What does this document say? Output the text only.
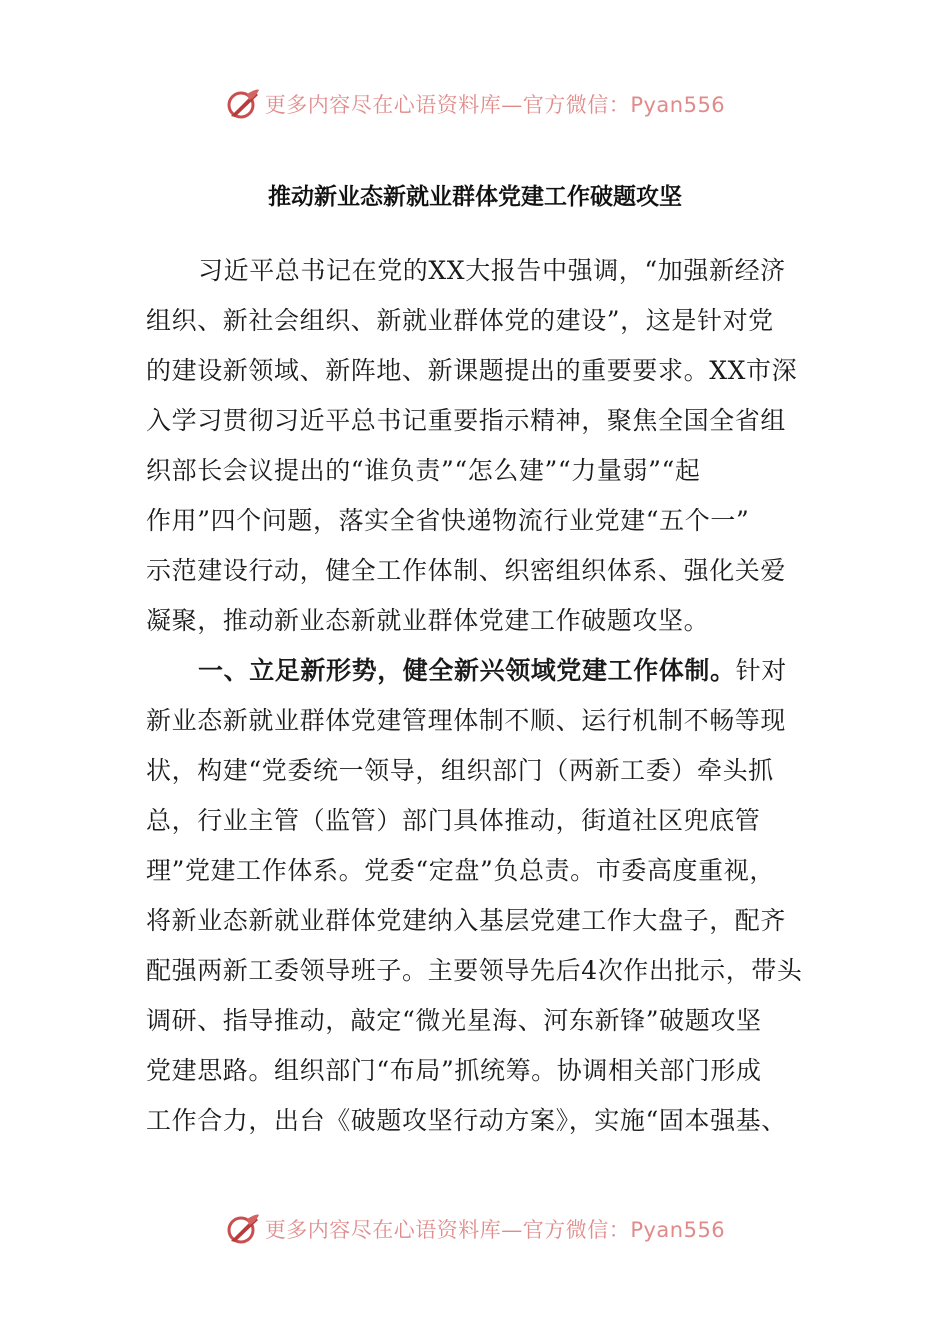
更多内容尽在心语资料库—官方微信：Pyan556
推动新业态新就业群体党建工作破题攻坚
习近平总书记在党的XX大报告中强调，“加强新经济
组织、新社会组织、新就业群体党的建设”，这是针对党
的建设新领域、新阵地、新课题提出的重要要求。XX市深
入学习贯彻习近平总书记重要指示精神，聚焦全国全省组
织部长会议提出的“谁负责”“怎么建”“力量弱”“起
作用”四个问题，落实全省快递物流行业党建“五个一”
示范建设行动，健全工作体制、织密组织体系、强化关爱
凝聚，推动新业态新就业群体党建工作破题攻坚。
一、立足新形势，健全新兴领域党建工作体制。针对
新业态新就业群体党建管理体制不顺、运行机制不畅等现
状，构建“党委统一领导，组织部门（两新工委）牵头抓
总，行业主管（监管）部门具体推动，街道社区兜底管
理”党建工作体系。党委“定盘”负总责。市委高度重视，
将新业态新就业群体党建纳入基层党建工作大盘子，配齐
配强两新工委领导班子。主要领导先后4次作出批示，带头
调研、指导推动，敲定“微光星海、河东新锋”破题攻坚
党建思路。组织部门“布局”抓统筹。协调相关部门形成
工作合力，出台《破题攻坚行动方案》，实施“固本强基、
更多内容尽在心语资料库—官方微信：Pyan556
